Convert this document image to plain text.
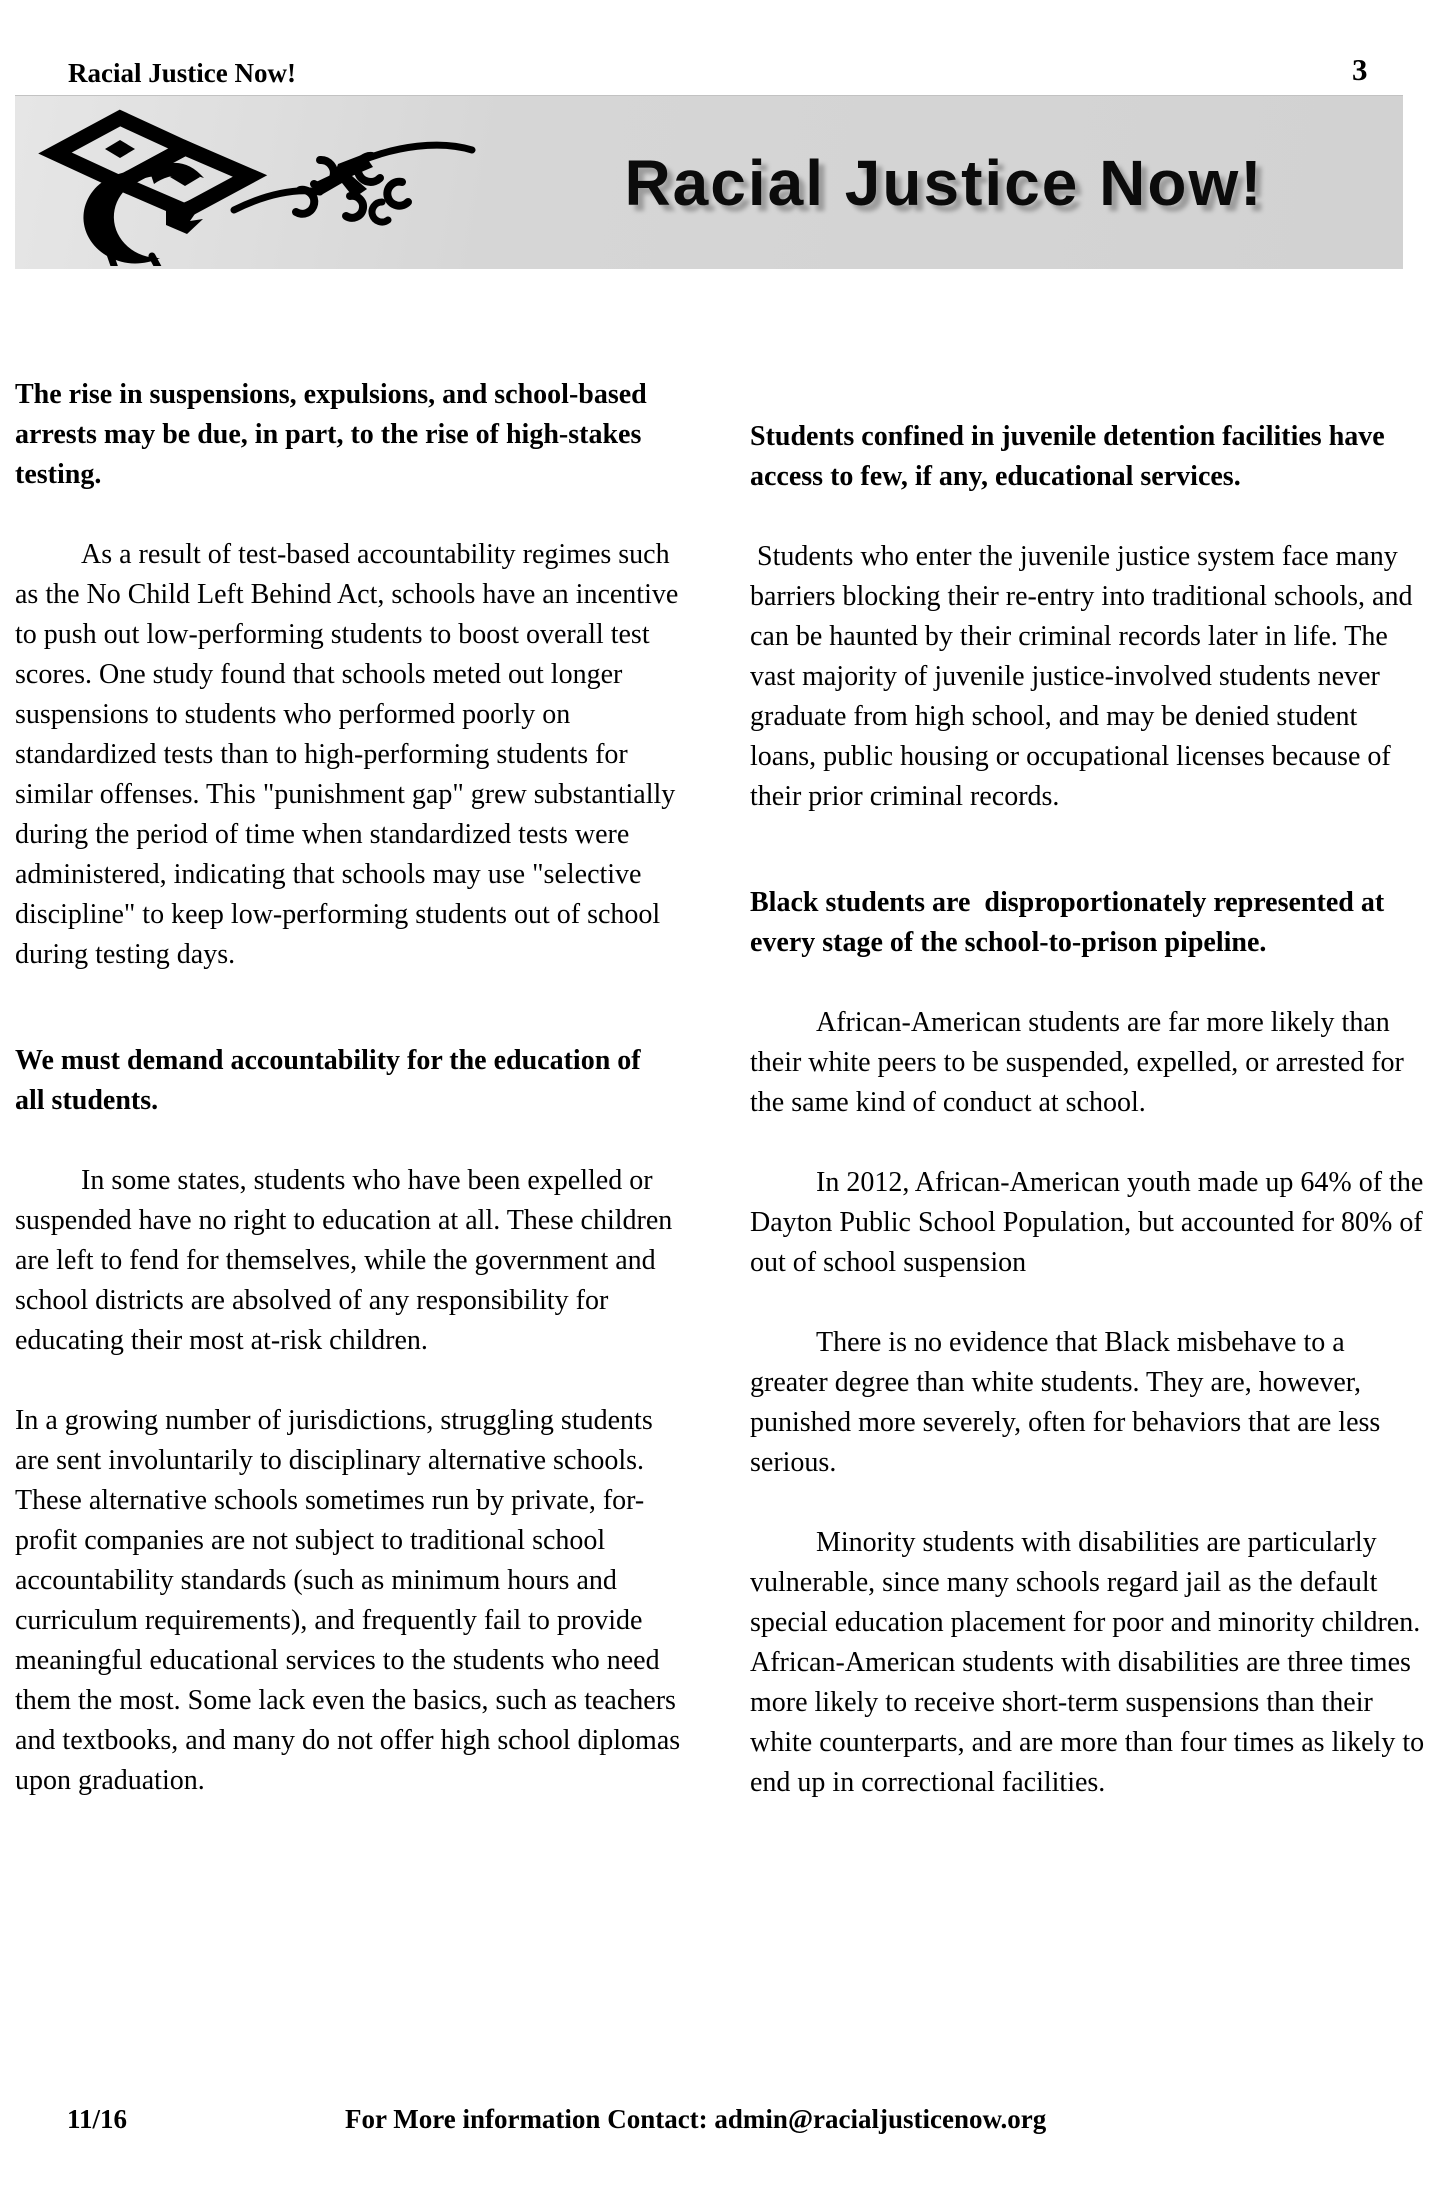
Racial Justice Now!	3
Racial Justice Now!
The rise in suspensions, expulsions, and school-based arrests may be due, in part, to the rise of high-stakes testing.
As a result of test-based accountability regimes such as the No Child Left Behind Act, schools have an incentive to push out low-performing students to boost overall test scores. One study found that schools meted out longer suspensions to students who performed poorly on standardized tests than to high-performing students for similar offenses. This "punishment gap" grew substantially during the period of time when standardized tests were administered, indicating that schools may use "selective discipline" to keep low-performing students out of school during testing days.
We must demand accountability for the education of all students.
In some states, students who have been expelled or suspended have no right to education at all. These children are left to fend for themselves, while the government and school districts are absolved of any responsibility for educating their most at-risk children.
In a growing number of jurisdictions, struggling students are sent involuntarily to disciplinary alternative schools. These alternative schools sometimes run by private, for-profit companies are not subject to traditional school accountability standards (such as minimum hours and curriculum requirements), and frequently fail to provide meaningful educational services to the students who need them the most. Some lack even the basics, such as teachers and textbooks, and many do not offer high school diplomas upon graduation.
Students confined in juvenile detention facilities have access to few, if any, educational services.
Students who enter the juvenile justice system face many barriers blocking their re-entry into traditional schools, and can be haunted by their criminal records later in life. The vast majority of juvenile justice-involved students never graduate from high school, and may be denied student loans, public housing or occupational licenses because of their prior criminal records.
Black students are  disproportionately represented at every stage of the school-to-prison pipeline.
African-American students are far more likely than their white peers to be suspended, expelled, or arrested for the same kind of conduct at school.
In 2012, African-American youth made up 64% of the Dayton Public School Population, but accounted for 80% of out of school suspension
There is no evidence that Black misbehave to a greater degree than white students. They are, however, punished more severely, often for behaviors that are less serious.
Minority students with disabilities are particularly vulnerable, since many schools regard jail as the default special education placement for poor and minority children. African-American students with disabilities are three times more likely to receive short-term suspensions than their white counterparts, and are more than four times as likely to end up in correctional facilities.
11/16	For More information Contact: admin@racialjusticenow.org
